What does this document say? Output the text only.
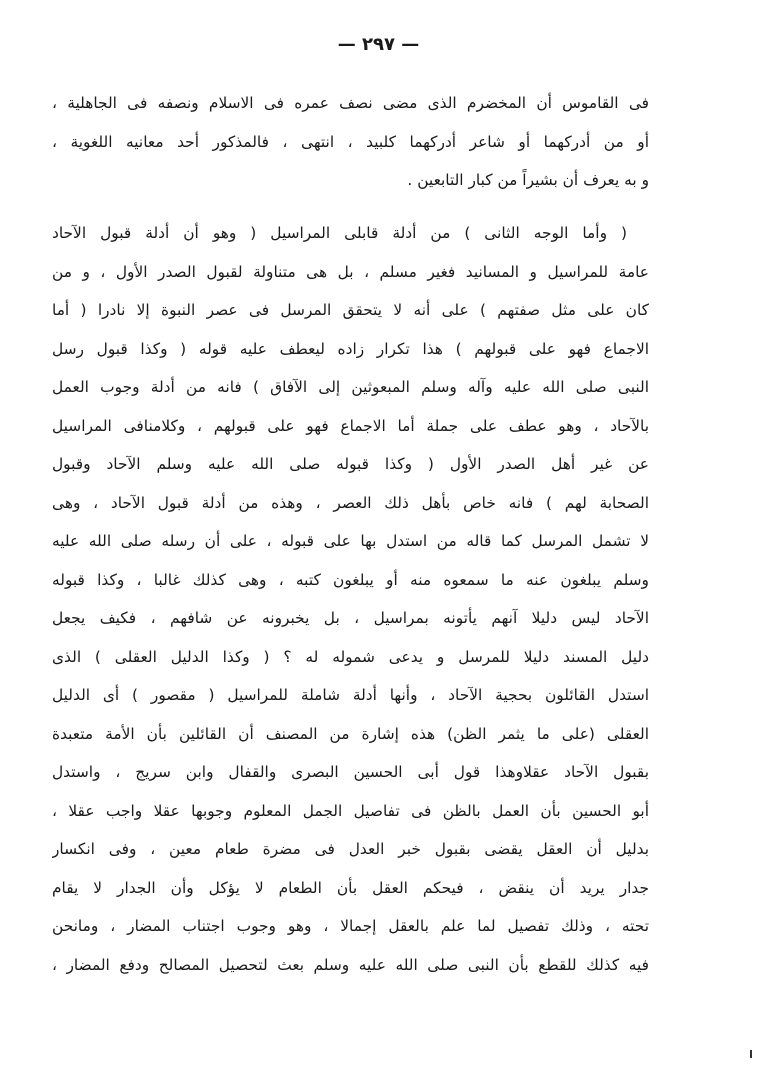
— ٢٩٧ —
فى القاموس أن المخضرم الذى مضى نصف عمره فى الاسلام ونصفه فى الجاهلية ،
أو من أدركهما أو شاعر أدركهما كلبيد ، انتهى ، فالمذكور أحد معانيه اللغوية ،
و به يعرف أن بشيراً من كبار التابعين .
( وأما الوجه الثانى ) من أدلة قابلى المراسيل ( وهو أن أدلة قبول الآحاد
عامة للمراسيل و المسانيد فغير مسلم ، بل هى متناولة لقبول الصدر الأول ، و من
كان على مثل صفتهم ) على أنه لا يتحقق المرسل فى عصر النبوة إلا نادرا ( أما
الاجماع فهو على قبولهم ) هذا تكرار زاده ليعطف عليه قوله ( وكذا قبول رسل
النبى صلى الله عليه وآله وسلم المبعوثين إلى الآفاق ) فانه من أدلة وجوب العمل
بالآحاد ، وهو عطف على جملة أما الاجماع فهو على قبولهم ، وكلامنافى المراسيل
عن غير أهل الصدر الأول ( وكذا قبوله صلى الله عليه وسلم الآحاد وقبول
الصحابة لهم ) فانه خاص بأهل ذلك العصر ، وهذه من أدلة قبول الآحاد ، وهى
لا تشمل المرسل كما قاله من استدل بها على قبوله ، على أن رسله صلى الله عليه
وسلم يبلغون عنه ما سمعوه منه أو يبلغون كتبه ، وهى كذلك غالبا ، وكذا قبوله
الآحاد ليس دليلا آنهم يأتونه بمراسيل ، بل يخبرونه عن شافهم ، فكيف يجعل
دليل المسند دليلا للمرسل و يدعى شموله له ؟ ( وكذا الدليل العقلى ) الذى
استدل القائلون بحجية الآحاد ، وأنها أدلة شاملة للمراسيل ( مقصور ) أى الدليل
العقلى (على ما يثمر الظن) هذه إشارة من المصنف أن القائلين بأن الأمة متعبدة
بقبول الآحاد عقلاوهذا قول أبى الحسين البصرى والقفال وابن سريج ، واستدل
أبو الحسين بأن العمل بالظن فى تفاصيل الجمل المعلوم وجوبها عقلا واجب عقلا ،
بدليل أن العقل يقضى بقبول خبر العدل فى مضرة طعام معين ، وفى انكسار
جدار يريد أن ينقض ، فيحكم العقل بأن الطعام لا يؤكل وأن الجدار لا يقام
تحته ، وذلك تفصيل لما علم بالعقل إجمالا ، وهو وجوب اجتناب المضار ، ومانحن
فيه كذلك للقطع بأن النبى صلى الله عليه وسلم بعث لتحصيل المصالح ودفع المضار ،
